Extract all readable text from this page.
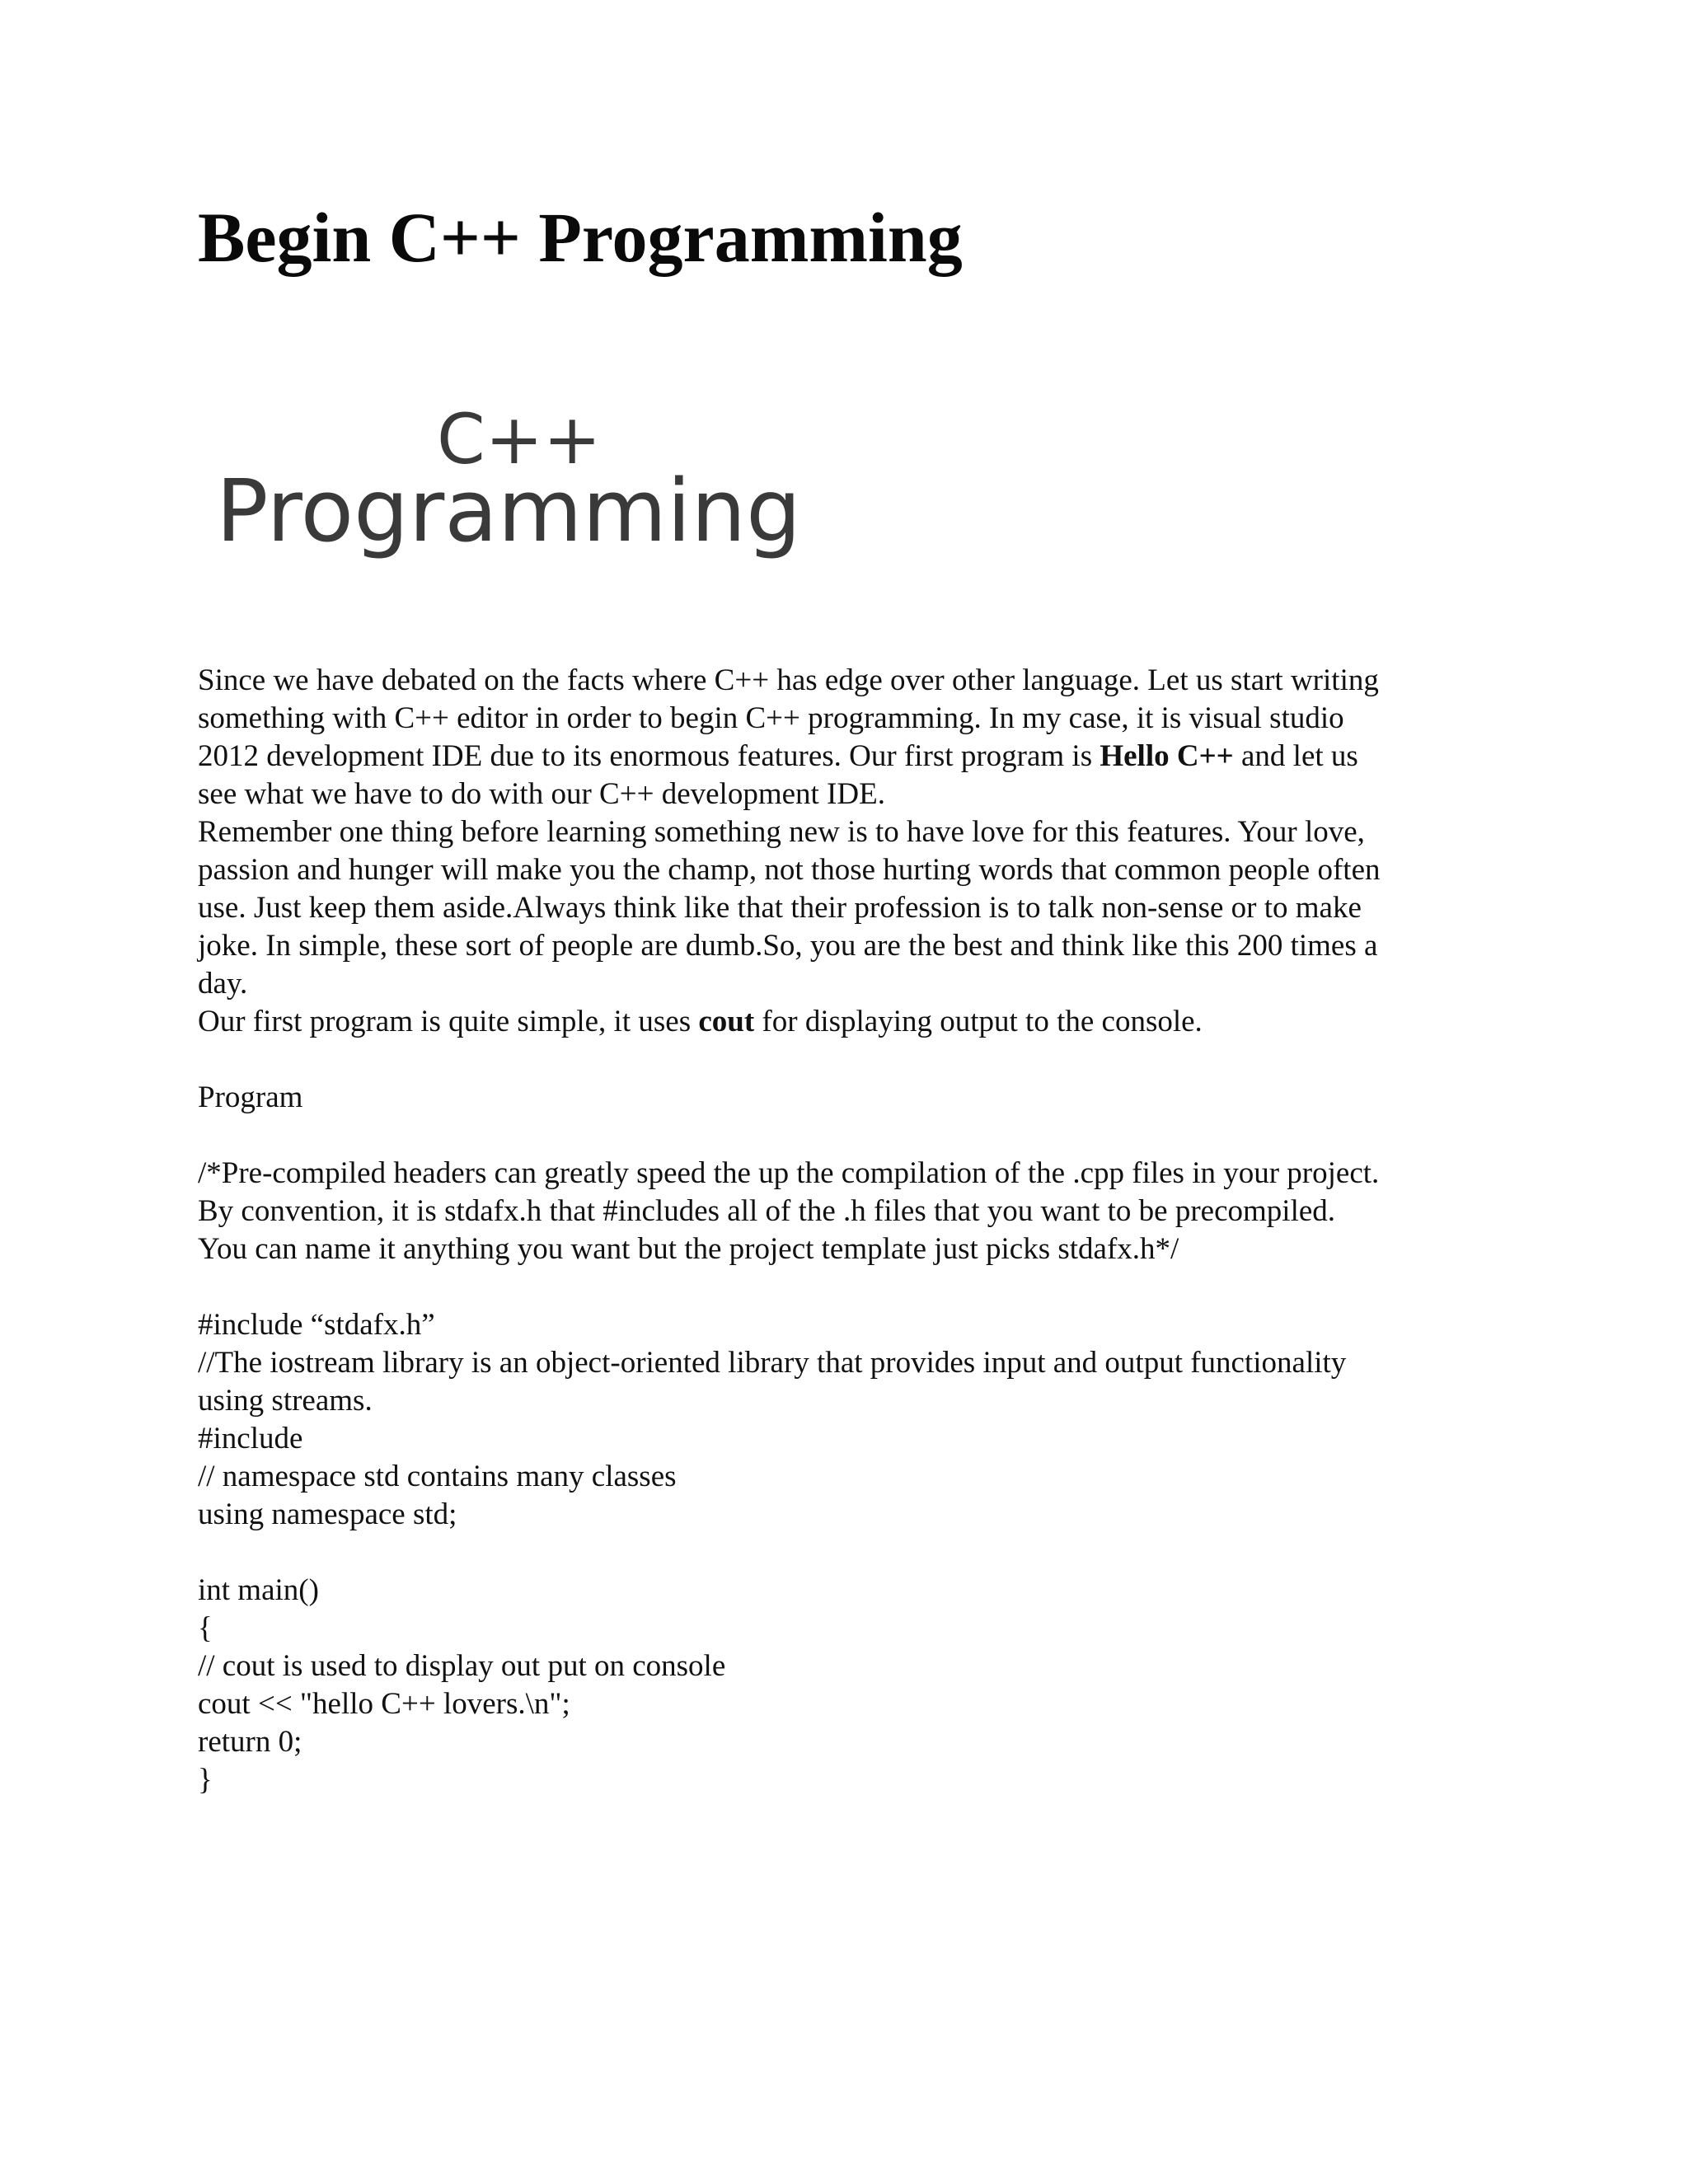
Begin C++ Programming
C++
Programming
Since we have debated on the facts where C++ has edge over other language. Let us start writing
something with C++ editor in order to begin C++ programming. In my case, it is visual studio
2012 development IDE due to its enormous features. Our first program is Hello C++ and let us
see what we have to do with our C++ development IDE.
Remember one thing before learning something new is to have love for this features. Your love,
passion and hunger will make you the champ, not those hurting words that common people often
use. Just keep them aside.Always think like that their profession is to talk non-sense or to make
joke. In simple, these sort of people are dumb.So, you are the best and think like this 200 times a
day.
Our first program is quite simple, it uses cout for displaying output to the console.
Program
/*Pre-compiled headers can greatly speed the up the compilation of the .cpp files in your project.
By convention, it is stdafx.h that #includes all of the .h files that you want to be precompiled.
You can name it anything you want but the project template just picks stdafx.h*/
#include “stdafx.h”
//The iostream library is an object-oriented library that provides input and output functionality
using streams.
#include
// namespace std contains many classes
using namespace std;
int main()
{
// cout is used to display out put on console
cout << "hello C++ lovers.\n";
return 0;
}
